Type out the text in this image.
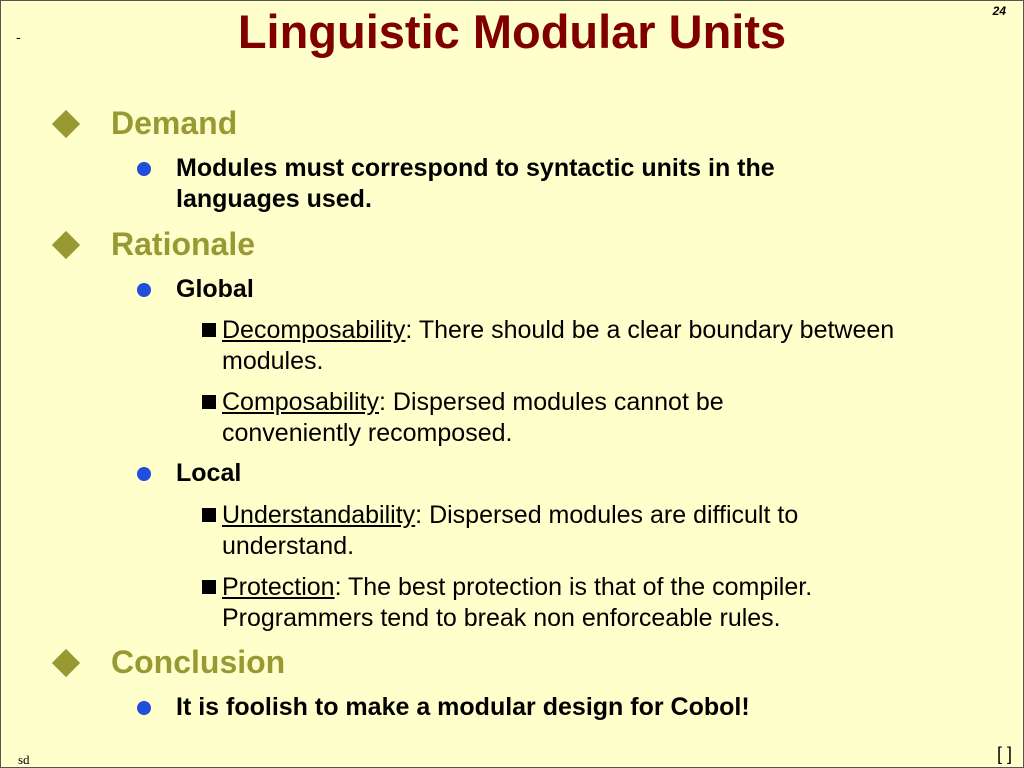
-	Linguistic Modular Units	24
Demand
Modules must correspond to syntactic units in the languages used.
Rationale
Global
Decomposability: There should be a clear boundary between modules.
Composability: Dispersed modules cannot be conveniently recomposed.
Local
Understandability: Dispersed modules are difficult to understand.
Protection: The best protection is that of the compiler. Programmers tend to break non enforceable rules.
Conclusion
It is foolish to make a modular design for Cobol!
sd	[ ]
